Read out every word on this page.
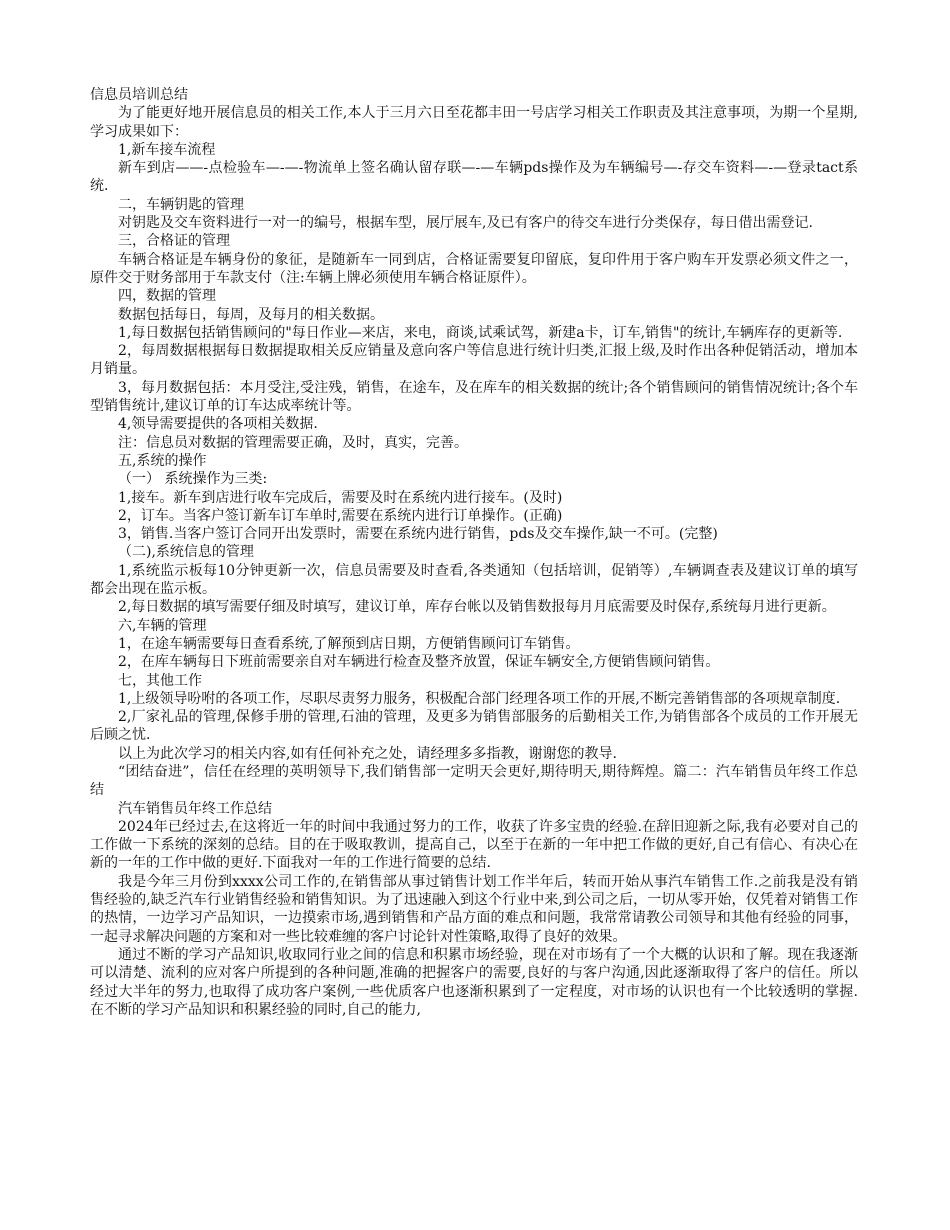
信息员培训总结

为了能更好地开展信息员的相关工作,本人于三月六日至花都丰田一号店学习相关工作职责及其注意事项，为期一个星期,学习成果如下：

1,新车接车流程

新车到店——-点检验车—-—-物流单上签名确认留存联—-—车辆pds操作及为车辆编号—-存交车资料—-—登录tact系统.

二，车辆钥匙的管理

对钥匙及交车资料进行一对一的编号，根据车型，展厅展车,及已有客户的待交车进行分类保存，每日借出需登记.

三，合格证的管理

车辆合格证是车辆身份的象征，是随新车一同到店，合格证需要复印留底，复印件用于客户购车开发票必须文件之一，原件交于财务部用于车款支付（注:车辆上牌必须使用车辆合格证原件）。

四，数据的管理

数据包括每日，每周，及每月的相关数据。

1,每日数据包括销售顾问的"每日作业—来店，来电，商谈,试乘试驾，新建a卡，订车,销售"的统计,车辆库存的更新等.

2，每周数据根据每日数据提取相关反应销量及意向客户等信息进行统计归类,汇报上级,及时作出各种促销活动，增加本月销量。

3，每月数据包括：本月受注,受注残，销售，在途车，及在库车的相关数据的统计;各个销售顾问的销售情况统计;各个车型销售统计,建议订单的订车达成率统计等。

4,领导需要提供的各项相关数据.

注：信息员对数据的管理需要正确，及时，真实，完善。

五,系统的操作

（一） 系统操作为三类:

1,接车。新车到店进行收车完成后，需要及时在系统内进行接车。(及时)

2，订车。当客户签订新车订车单时,需要在系统内进行订单操作。(正确)

3，销售.当客户签订合同开出发票时，需要在系统内进行销售，pds及交车操作,缺一不可。(完整)

（二),系统信息的管理

1,系统监示板每10分钟更新一次，信息员需要及时查看,各类通知（包括培训，促销等）,车辆调查表及建议订单的填写都会出现在监示板。

2,每日数据的填写需要仔细及时填写，建议订单，库存台帐以及销售数报每月月底需要及时保存,系统每月进行更新。

六,车辆的管理

1，在途车辆需要每日查看系统,了解预到店日期，方便销售顾问订车销售。

2，在库车辆每日下班前需要亲自对车辆进行检查及整齐放置，保证车辆安全,方便销售顾问销售。

七，其他工作

1,上级领导吩咐的各项工作，尽职尽责努力服务，积极配合部门经理各项工作的开展,不断完善销售部的各项规章制度.

2,厂家礼品的管理,保修手册的管理,石油的管理，及更多为销售部服务的后勤相关工作,为销售部各个成员的工作开展无后顾之忧.

以上为此次学习的相关内容,如有任何补充之处，请经理多多指教，谢谢您的教导.

“团结奋进”，信任在经理的英明领导下,我们销售部一定明天会更好,期待明天,期待辉煌。篇二：汽车销售员年终工作总结

汽车销售员年终工作总结

2024年已经过去,在这将近一年的时间中我通过努力的工作，收获了许多宝贵的经验.在辞旧迎新之际,我有必要对自己的工作做一下系统的深刻的总结。目的在于吸取教训，提高自己，以至于在新的一年中把工作做的更好,自己有信心、有决心在新的一年的工作中做的更好.下面我对一年的工作进行简要的总结.

我是今年三月份到xxxx公司工作的,在销售部从事过销售计划工作半年后，转而开始从事汽车销售工作.之前我是没有销售经验的,缺乏汽车行业销售经验和销售知识。为了迅速融入到这个行业中来,到公司之后，一切从零开始，仅凭着对销售工作的热情，一边学习产品知识，一边摸索市场,遇到销售和产品方面的难点和问题，我常常请教公司领导和其他有经验的同事，一起寻求解决问题的方案和对一些比较难缠的客户讨论针对性策略,取得了良好的效果。

通过不断的学习产品知识,收取同行业之间的信息和积累市场经验，现在对市场有了一个大概的认识和了解。现在我逐渐可以清楚、流利的应对客户所提到的各种问题,准确的把握客户的需要,良好的与客户沟通,因此逐渐取得了客户的信任。所以经过大半年的努力,也取得了成功客户案例,一些优质客户也逐渐积累到了一定程度，对市场的认识也有一个比较透明的掌握.在不断的学习产品知识和积累经验的同时,自己的能力,
